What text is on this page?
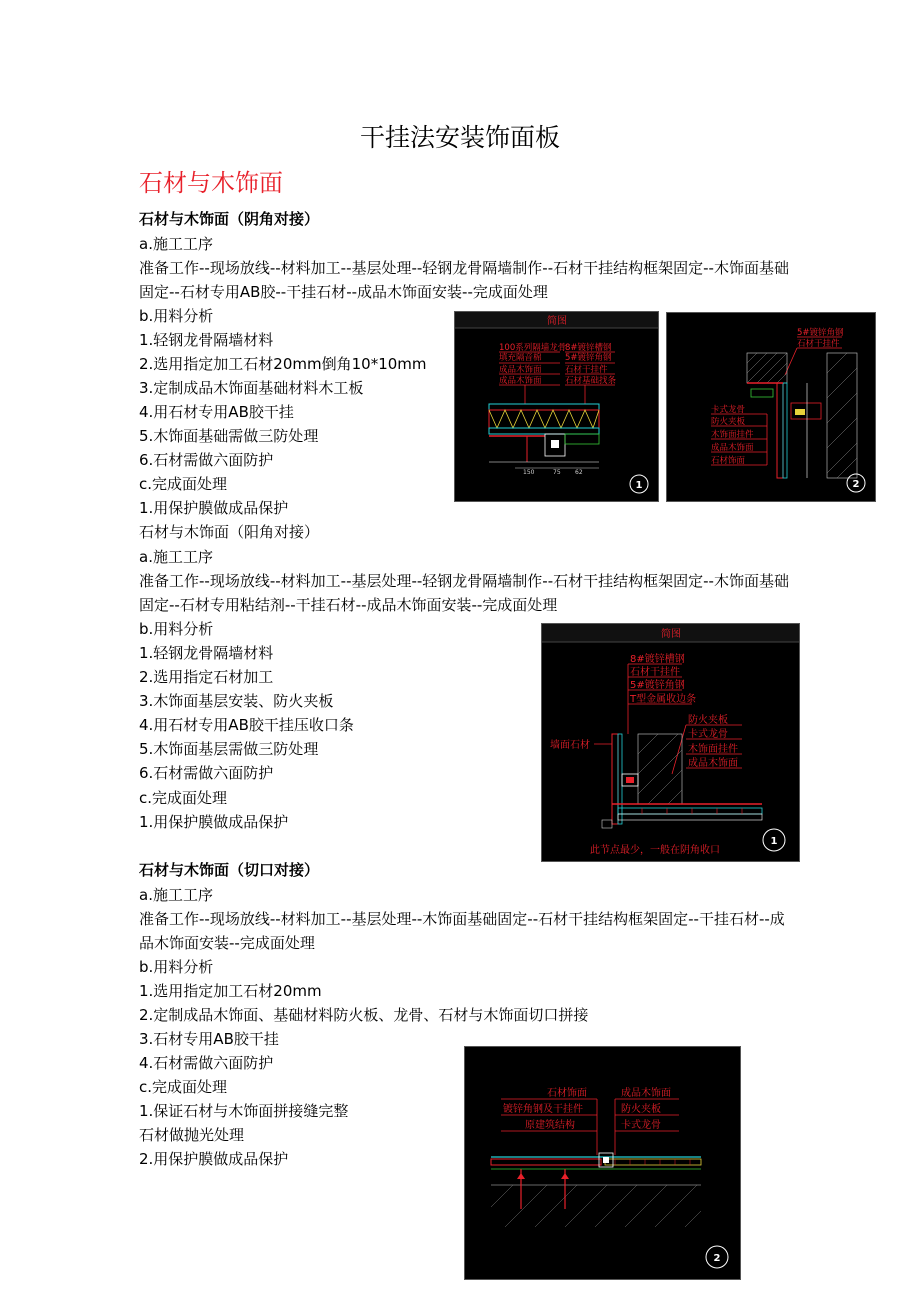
干挂法安装饰面板
石材与木饰面
石材与木饰面（阴角对接）
a.施工工序
准备工作--现场放线--材料加工--基层处理--轻钢龙骨隔墙制作--石材干挂结构框架固定--木饰面基础固定--石材专用AB胶--干挂石材--成品木饰面安装--完成面处理
b.用料分析
1.轻钢龙骨隔墙材料
2.选用指定加工石材20mm倒角10*10mm
3.定制成品木饰面基础材料木工板
4.用石材专用AB胶干挂
5.木饰面基础需做三防处理
6.石材需做六面防护
c.完成面处理
1.用保护膜做成品保护
石材与木饰面（阳角对接）
a.施工工序
准备工作--现场放线--材料加工--基层处理--轻钢龙骨隔墙制作--石材干挂结构框架固定--木饰面基础固定--石材专用粘结剂--干挂石材--成品木饰面安装--完成面处理
b.用料分析
1.轻钢龙骨隔墙材料
2.选用指定石材加工
3.木饰面基层安装、防火夹板
4.用石材专用AB胶干挂压收口条
5.木饰面基层需做三防处理
6.石材需做六面防护
c.完成面处理
1.用保护膜做成品保护
石材与木饰面（切口对接）
a.施工工序
准备工作--现场放线--材料加工--基层处理--木饰面基础固定--石材干挂结构框架固定--干挂石材--成品木饰面安装--完成面处理
b.用料分析
1.选用指定加工石材20mm
2.定制成品木饰面、基础材料防火板、龙骨、石材与木饰面切口拼接
3.石材专用AB胶干挂
4.石材需做六面防护
c.完成面处理
1.保证石材与木饰面拼接缝完整
石材做抛光处理
2.用保护膜做成品保护
简图
100系列隔墙龙骨
填充隔音棉
成品木饰面
成品木饰面
8#镀锌槽钢
5#镀锌角钢
石材干挂件
石材基础找条
150	75 62
1
5#镀锌角钢
石材干挂件
卡式龙骨
防火夹板
木饰面挂件
成品木饰面
石材饰面
2
简图
8#镀锌槽钢
石材干挂件
5#镀锌角钢
T型金属收边条
防火夹板
卡式龙骨
木饰面挂件
成品木饰面
墙面石材
此节点最少，一般在阴角收口
1
石材饰面
镀锌角钢及干挂件
原建筑结构
成品木饰面
防火夹板
卡式龙骨
2
